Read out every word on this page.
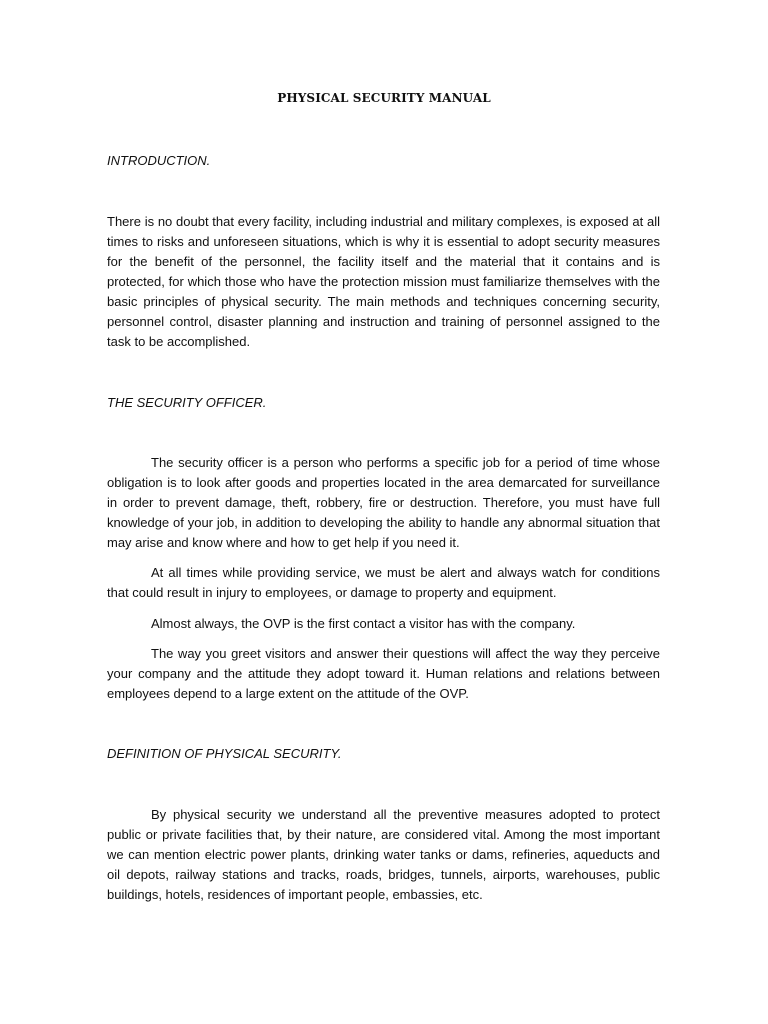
PHYSICAL SECURITY MANUAL

INTRODUCTION.

There is no doubt that every facility, including industrial and military complexes, is exposed at all times to risks and unforeseen situations, which is why it is essential to adopt security measures for the benefit of the personnel, the facility itself and the material that it contains and is protected, for which those who have the protection mission must familiarize themselves with the basic principles of physical security. The main methods and techniques concerning security, personnel control, disaster planning and instruction and training of personnel assigned to the task to be accomplished.

THE SECURITY OFFICER.

The security officer is a person who performs a specific job for a period of time whose obligation is to look after goods and properties located in the area demarcated for surveillance in order to prevent damage, theft, robbery, fire or destruction. Therefore, you must have full knowledge of your job, in addition to developing the ability to handle any abnormal situation that may arise and know where and how to get help if you need it.

At all times while providing service, we must be alert and always watch for conditions that could result in injury to employees, or damage to property and equipment.

Almost always, the OVP is the first contact a visitor has with the company.

The way you greet visitors and answer their questions will affect the way they perceive your company and the attitude they adopt toward it. Human relations and relations between employees depend to a large extent on the attitude of the OVP.

DEFINITION OF PHYSICAL SECURITY.

By physical security we understand all the preventive measures adopted to protect public or private facilities that, by their nature, are considered vital. Among the most important we can mention electric power plants, drinking water tanks or dams, refineries, aqueducts and oil depots, railway stations and tracks, roads, bridges, tunnels, airports, warehouses, public buildings, hotels, residences of important people, embassies, etc.
